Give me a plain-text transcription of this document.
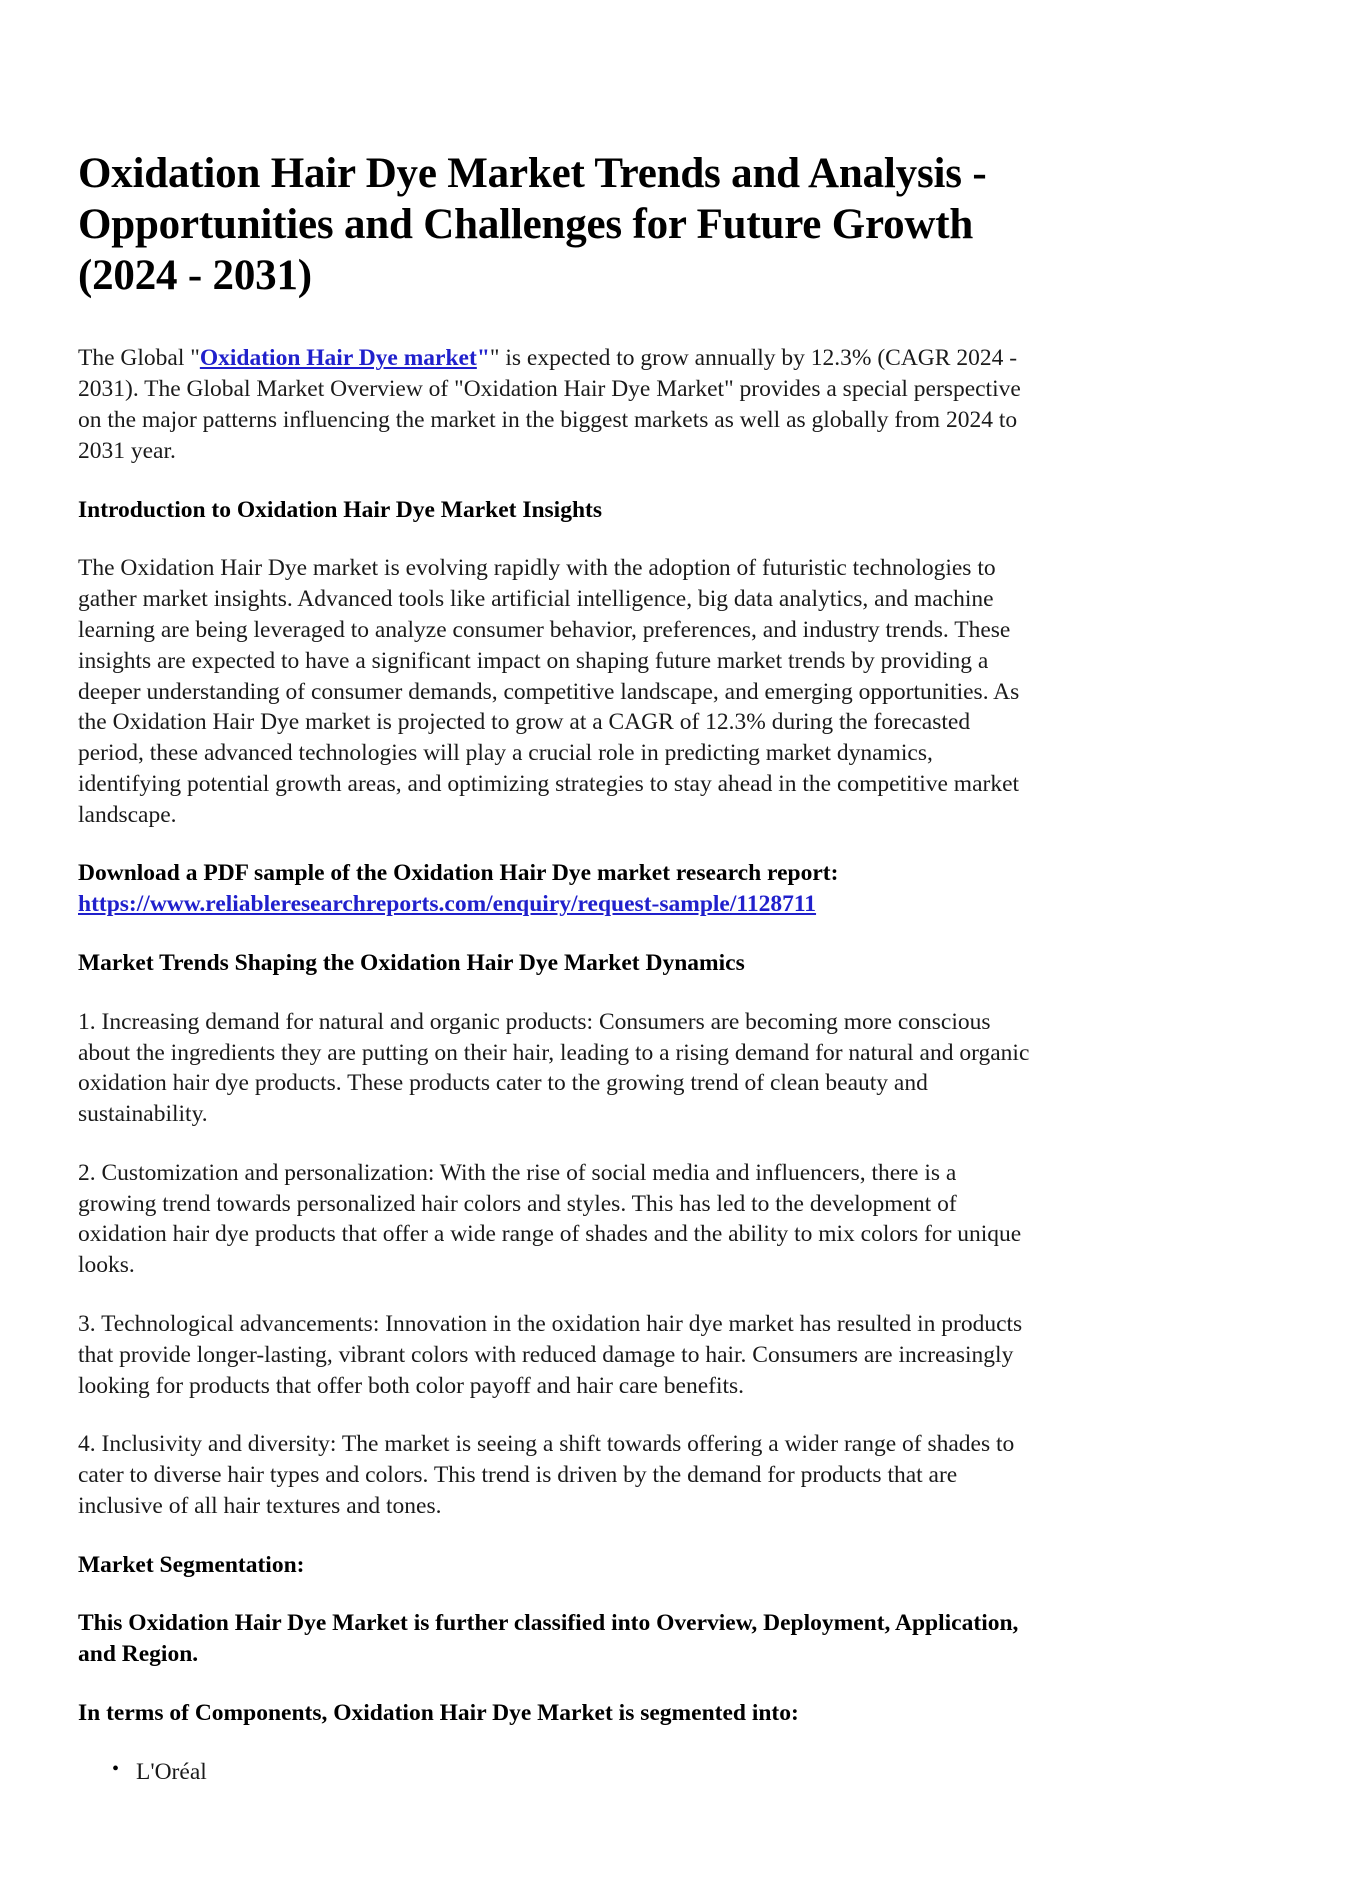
Oxidation Hair Dye Market Trends and Analysis - Opportunities and Challenges for Future Growth (2024 - 2031)

The Global "Oxidation Hair Dye market"" is expected to grow annually by 12.3% (CAGR 2024 - 2031). The Global Market Overview of "Oxidation Hair Dye Market" provides a special perspective on the major patterns influencing the market in the biggest markets as well as globally from 2024 to 2031 year.

Introduction to Oxidation Hair Dye Market Insights

The Oxidation Hair Dye market is evolving rapidly with the adoption of futuristic technologies to gather market insights. Advanced tools like artificial intelligence, big data analytics, and machine learning are being leveraged to analyze consumer behavior, preferences, and industry trends. These insights are expected to have a significant impact on shaping future market trends by providing a deeper understanding of consumer demands, competitive landscape, and emerging opportunities. As the Oxidation Hair Dye market is projected to grow at a CAGR of 12.3% during the forecasted period, these advanced technologies will play a crucial role in predicting market dynamics, identifying potential growth areas, and optimizing strategies to stay ahead in the competitive market landscape.

Download a PDF sample of the Oxidation Hair Dye market research report:
https://www.reliableresearchreports.com/enquiry/request-sample/1128711

Market Trends Shaping the Oxidation Hair Dye Market Dynamics

1. Increasing demand for natural and organic products: Consumers are becoming more conscious about the ingredients they are putting on their hair, leading to a rising demand for natural and organic oxidation hair dye products. These products cater to the growing trend of clean beauty and sustainability.

2. Customization and personalization: With the rise of social media and influencers, there is a growing trend towards personalized hair colors and styles. This has led to the development of oxidation hair dye products that offer a wide range of shades and the ability to mix colors for unique looks.

3. Technological advancements: Innovation in the oxidation hair dye market has resulted in products that provide longer-lasting, vibrant colors with reduced damage to hair. Consumers are increasingly looking for products that offer both color payoff and hair care benefits.

4. Inclusivity and diversity: The market is seeing a shift towards offering a wider range of shades to cater to diverse hair types and colors. This trend is driven by the demand for products that are inclusive of all hair textures and tones.

Market Segmentation:

This Oxidation Hair Dye Market is further classified into Overview, Deployment, Application, and Region.

In terms of Components, Oxidation Hair Dye Market is segmented into:

• L'Oréal
